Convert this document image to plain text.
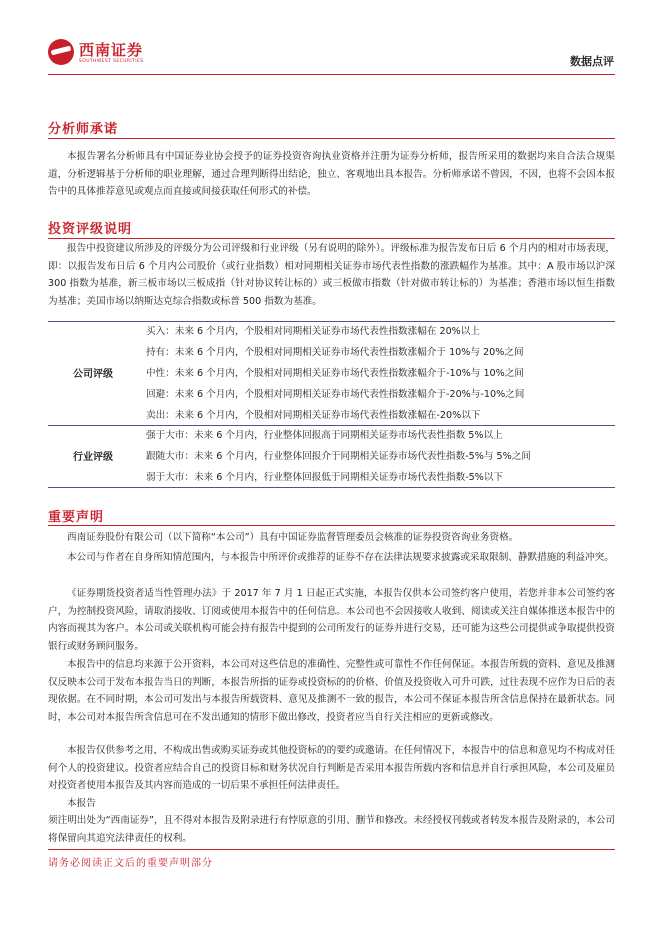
西南证券
SOUTHWEST SECURITIES	数据点评
分析师承诺

本报告署名分析师具有中国证券业协会授予的证券投资咨询执业资格并注册为证券分析师，报告所采用的数据均来自合法合规渠道，分析逻辑基于分析师的职业理解，通过合理判断得出结论，独立、客观地出具本报告。分析师承诺不曾因，不因，也将不会因本报告中的具体推荐意见或观点而直接或间接获取任何形式的补偿。

投资评级说明

报告中投资建议所涉及的评级分为公司评级和行业评级（另有说明的除外）。评级标准为报告发布日后 6 个月内的相对市场表现，即：以报告发布日后 6 个月内公司股价（或行业指数）相对同期相关证券市场代表性指数的涨跌幅作为基准。其中：A 股市场以沪深 300 指数为基准，新三板市场以三板成指（针对协议转让标的）或三板做市指数（针对做市转让标的）为基准；香港市场以恒生指数为基准；美国市场以纳斯达克综合指数或标普 500 指数为基准。

公司评级
买入：未来 6 个月内，个股相对同期相关证券市场代表性指数涨幅在 20%以上
持有：未来 6 个月内，个股相对同期相关证券市场代表性指数涨幅介于 10%与 20%之间
中性：未来 6 个月内，个股相对同期相关证券市场代表性指数涨幅介于-10%与 10%之间
回避：未来 6 个月内，个股相对同期相关证券市场代表性指数涨幅介于-20%与-10%之间
卖出：未来 6 个月内，个股相对同期相关证券市场代表性指数涨幅在-20%以下
行业评级
强于大市：未来 6 个月内，行业整体回报高于同期相关证券市场代表性指数 5%以上
跟随大市：未来 6 个月内，行业整体回报介于同期相关证券市场代表性指数-5%与 5%之间
弱于大市：未来 6 个月内，行业整体回报低于同期相关证券市场代表性指数-5%以下
重要声明

西南证券股份有限公司（以下简称“本公司”）具有中国证券监督管理委员会核准的证券投资咨询业务资格。

本公司与作者在自身所知情范围内，与本报告中所评价或推荐的证券不存在法律法规要求披露或采取限制、静默措施的利益冲突。

《证券期货投资者适当性管理办法》于 2017 年 7 月 1 日起正式实施，本报告仅供本公司签约客户使用，若您并非本公司签约客户，为控制投资风险，请取消接收、订阅或使用本报告中的任何信息。本公司也不会因接收人收到、阅读或关注自媒体推送本报告中的内容而视其为客户。本公司或关联机构可能会持有报告中提到的公司所发行的证券并进行交易，还可能为这些公司提供或争取提供投资银行或财务顾问服务。

本报告中的信息均来源于公开资料，本公司对这些信息的准确性、完整性或可靠性不作任何保证。本报告所载的资料、意见及推测仅反映本公司于发布本报告当日的判断，本报告所指的证券或投资标的的价格、价值及投资收入可升可跌，过往表现不应作为日后的表现依据。在不同时期，本公司可发出与本报告所载资料、意见及推测不一致的报告，本公司不保证本报告所含信息保持在最新状态。同时，本公司对本报告所含信息可在不发出通知的情形下做出修改，投资者应当自行关注相应的更新或修改。

本报告仅供参考之用，不构成出售或购买证券或其他投资标的的要约或邀请。在任何情况下，本报告中的信息和意见均不构成对任何个人的投资建议。投资者应结合自己的投资目标和财务状况自行判断是否采用本报告所载内容和信息并自行承担风险，本公司及雇员对投资者使用本报告及其内容而造成的一切后果不承担任何法律责任。

本报告

须注明出处为“西南证券”，且不得对本报告及附录进行有悖原意的引用、删节和修改。未经授权刊载或者转发本报告及附录的，本公司将保留向其追究法律责任的权利。

请务必阅读正文后的重要声明部分
